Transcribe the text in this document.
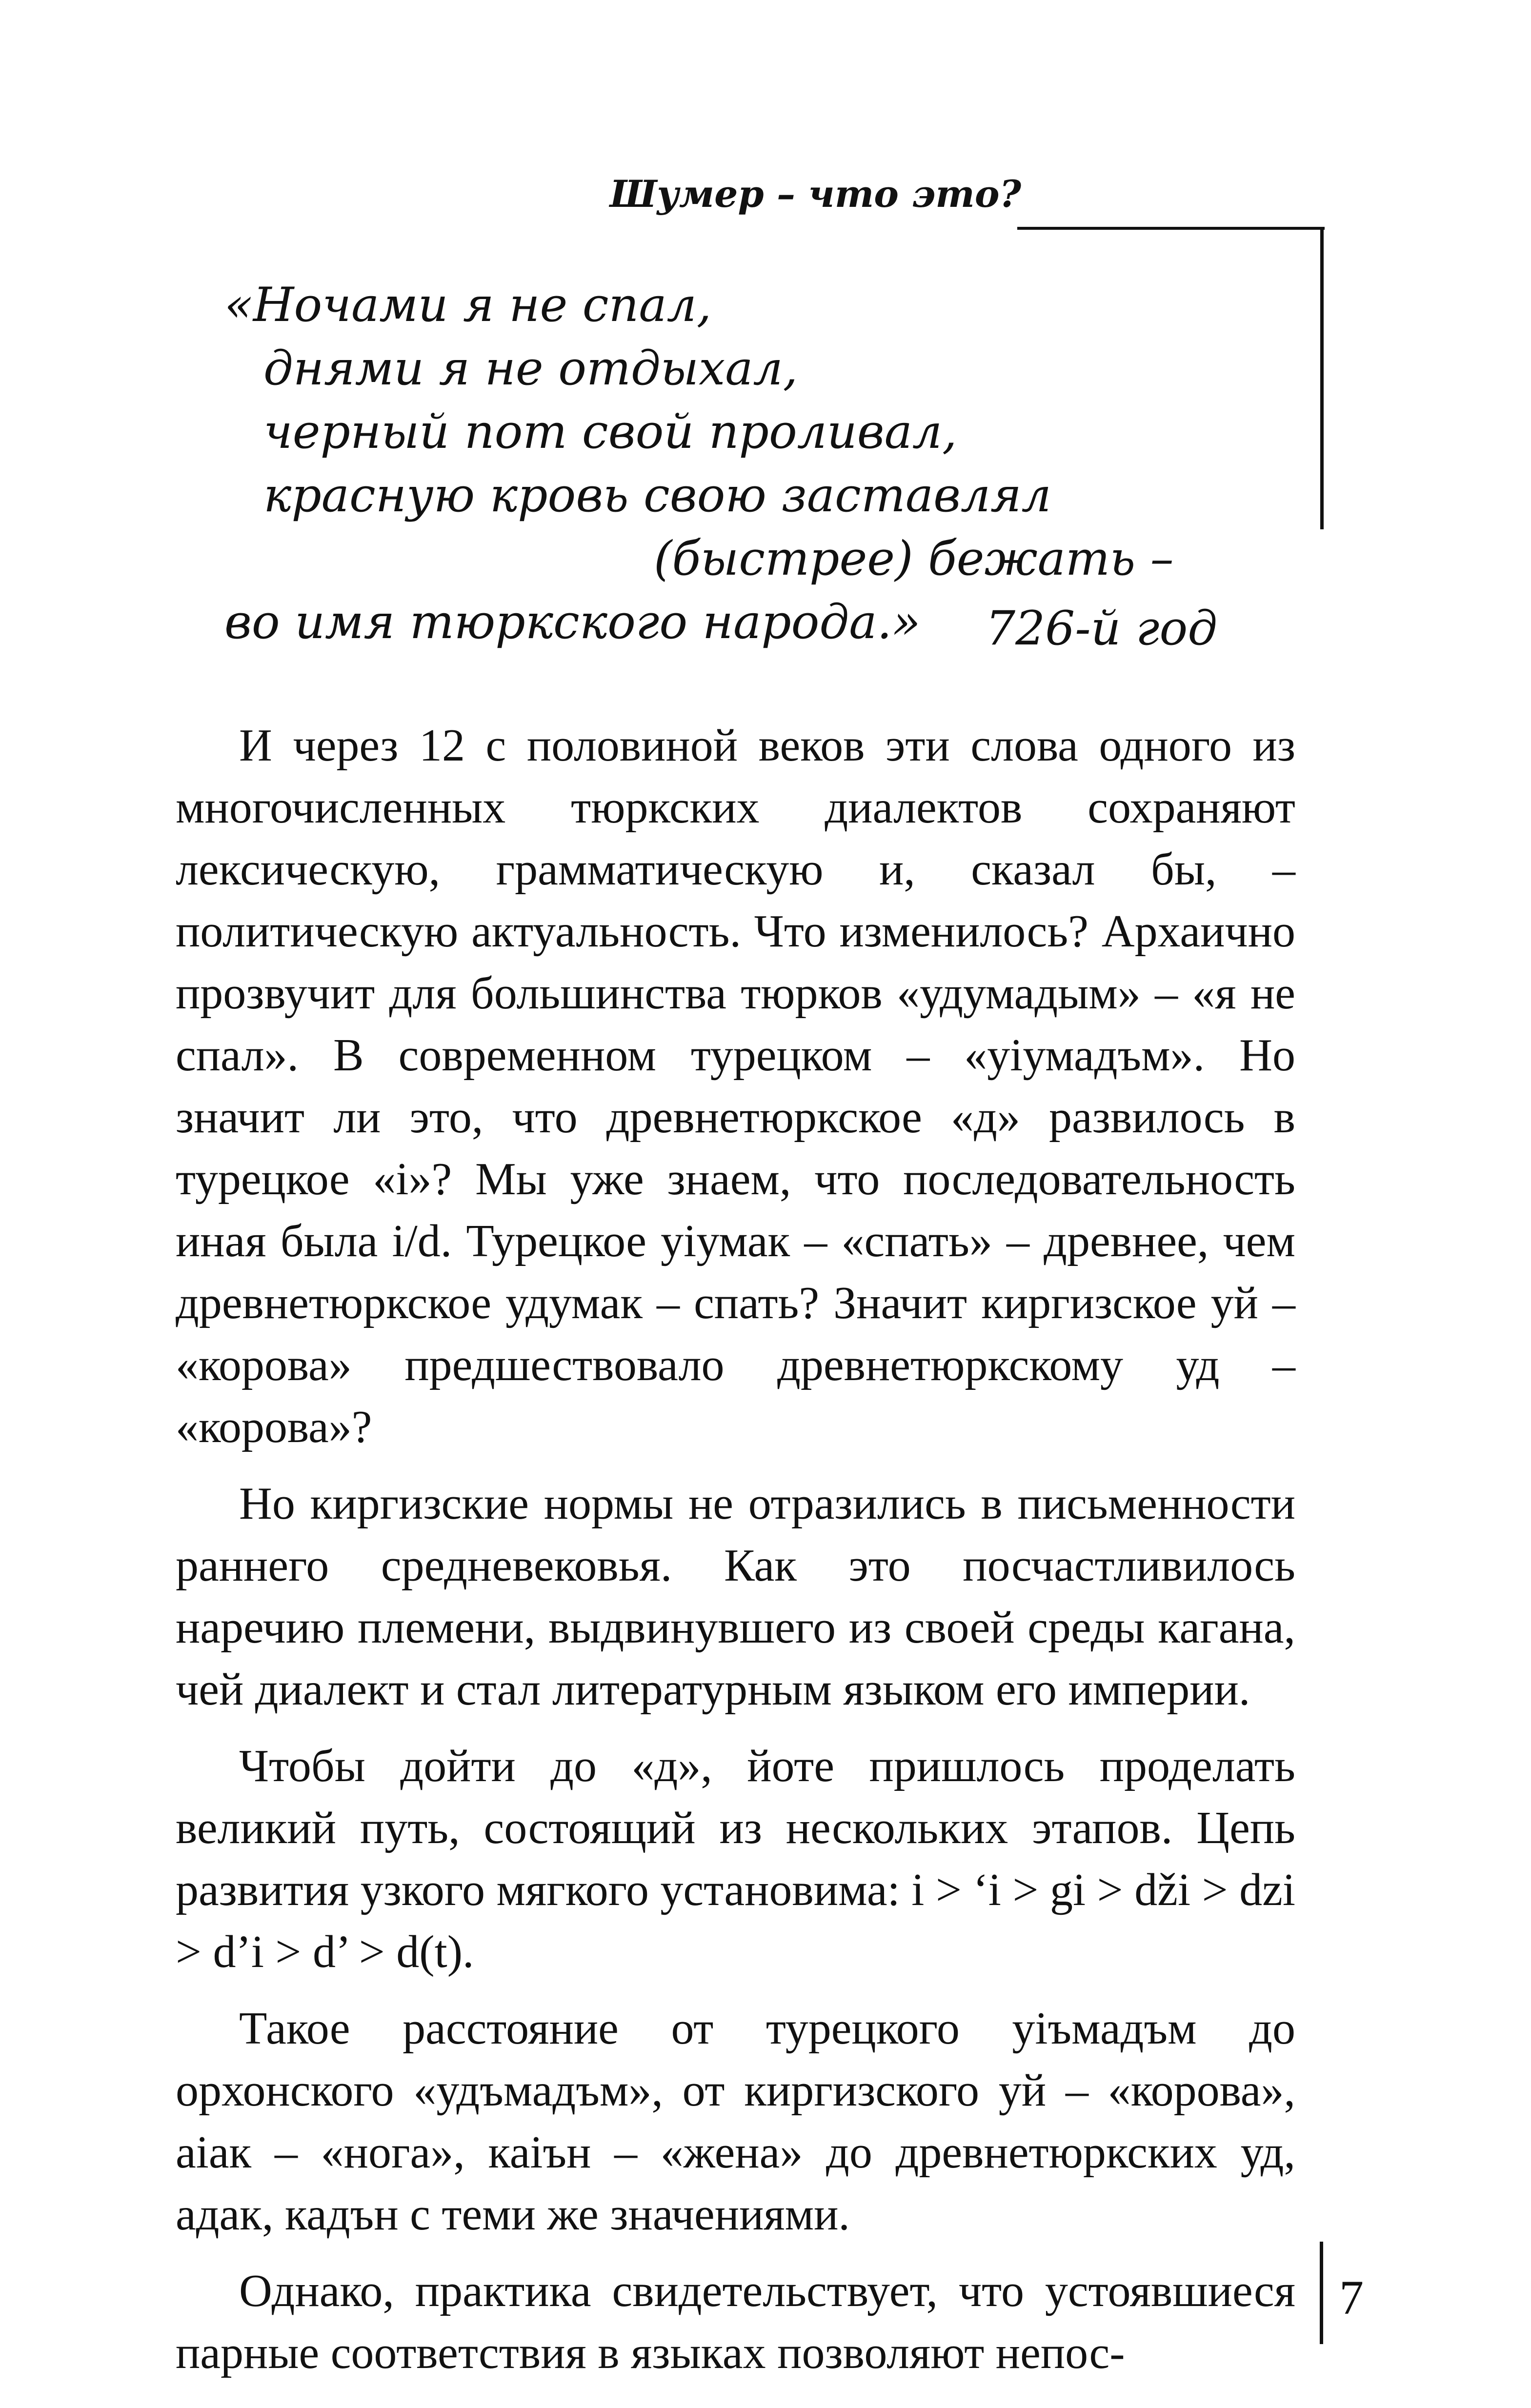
Шумер – что это?
«Ночами я не спал,
днями я не отдыхал,
черный пот свой проливал,
красную кровь свою заставлял
(быстрее) бежать –
во имя тюркского народа.»	726-й год

И через 12 с половиной веков эти слова одного из многочисленных тюркских диалектов сохраняют лексическую, грамматическую и, сказал бы, – политическую актуальность. Что изменилось? Архаично прозвучит для большинства тюрков «удумадым» – «я не спал». В современном турецком – «уіумадъм». Но значит ли это, что древнетюркское «д» развилось в турецкое «і»? Мы уже знаем, что последовательность иная была і/d. Турецкое уіумак – «спать» – древнее, чем древнетюркское удумак – спать? Значит киргизское уй – «корова» предшествовало древнетюркскому уд – «корова»?

Но киргизские нормы не отразились в письменности раннего средневековья. Как это посчастливилось наречию племени, выдвинувшего из своей среды кагана, чей диалект и стал литературным языком его империи.

Чтобы дойти до «д», йоте пришлось проделать великий путь, состоящий из нескольких этапов. Цепь развития узкого мягкого установима: і > ‘і > gi > dži > dzi > d’i > d’ > d(t).

Такое расстояние от турецкого уіъмадъм до орхонского «удъмадъм», от киргизского уй – «корова», аіак – «нога», каіън – «жена» до древнетюркских уд, адак, кадън с теми же значениями.

Однако, практика свидетельствует, что устоявшиеся парные соответствия в языках позволяют непос-

7
